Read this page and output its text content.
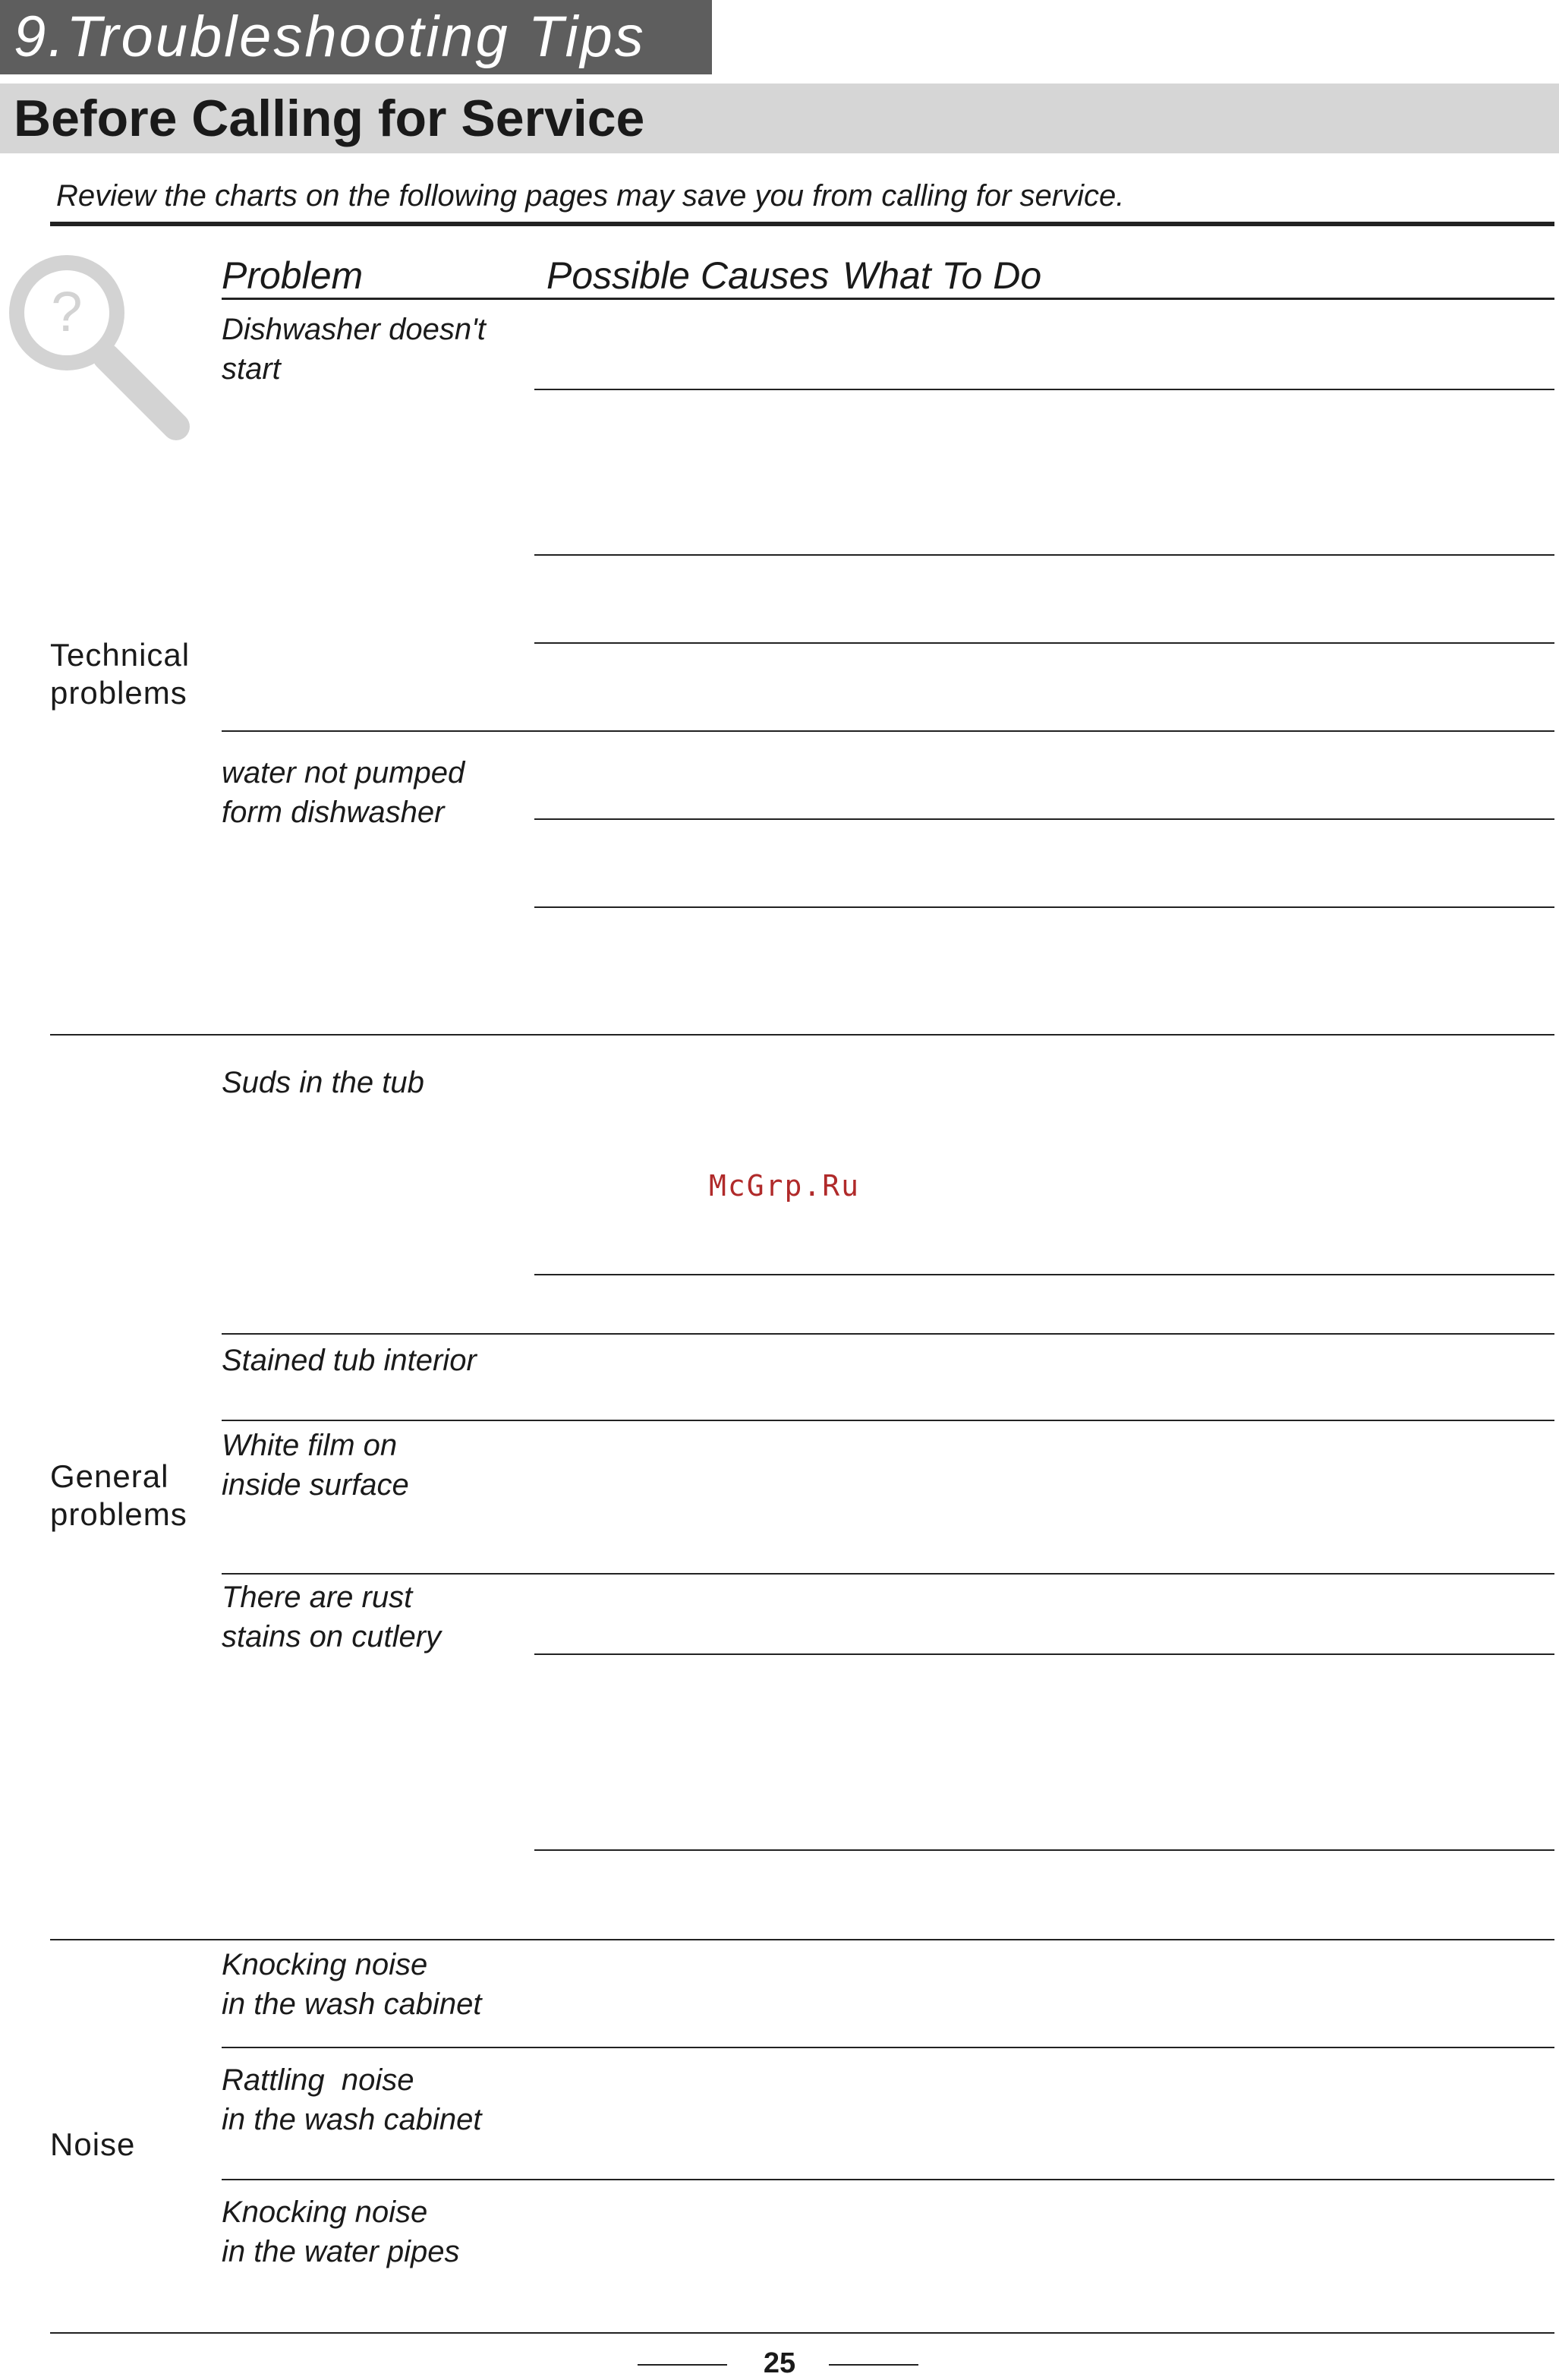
9.Troubleshooting Tips
Before Calling for Service
Review the charts on the following pages may save you from calling for service.
?
Problem	Possible Causes What To Do
Technical
problems
General
problems
Noise
Dishwasher doesn't
start
water not pumped
form dishwasher
Suds in the tub
Stained tub interior
White film on
inside surface
There are rust
stains on cutlery
Knocking noise
in the wash cabinet
Rattling  noise
in the wash cabinet
Knocking noise
in the water pipes
McGrp.Ru
25
